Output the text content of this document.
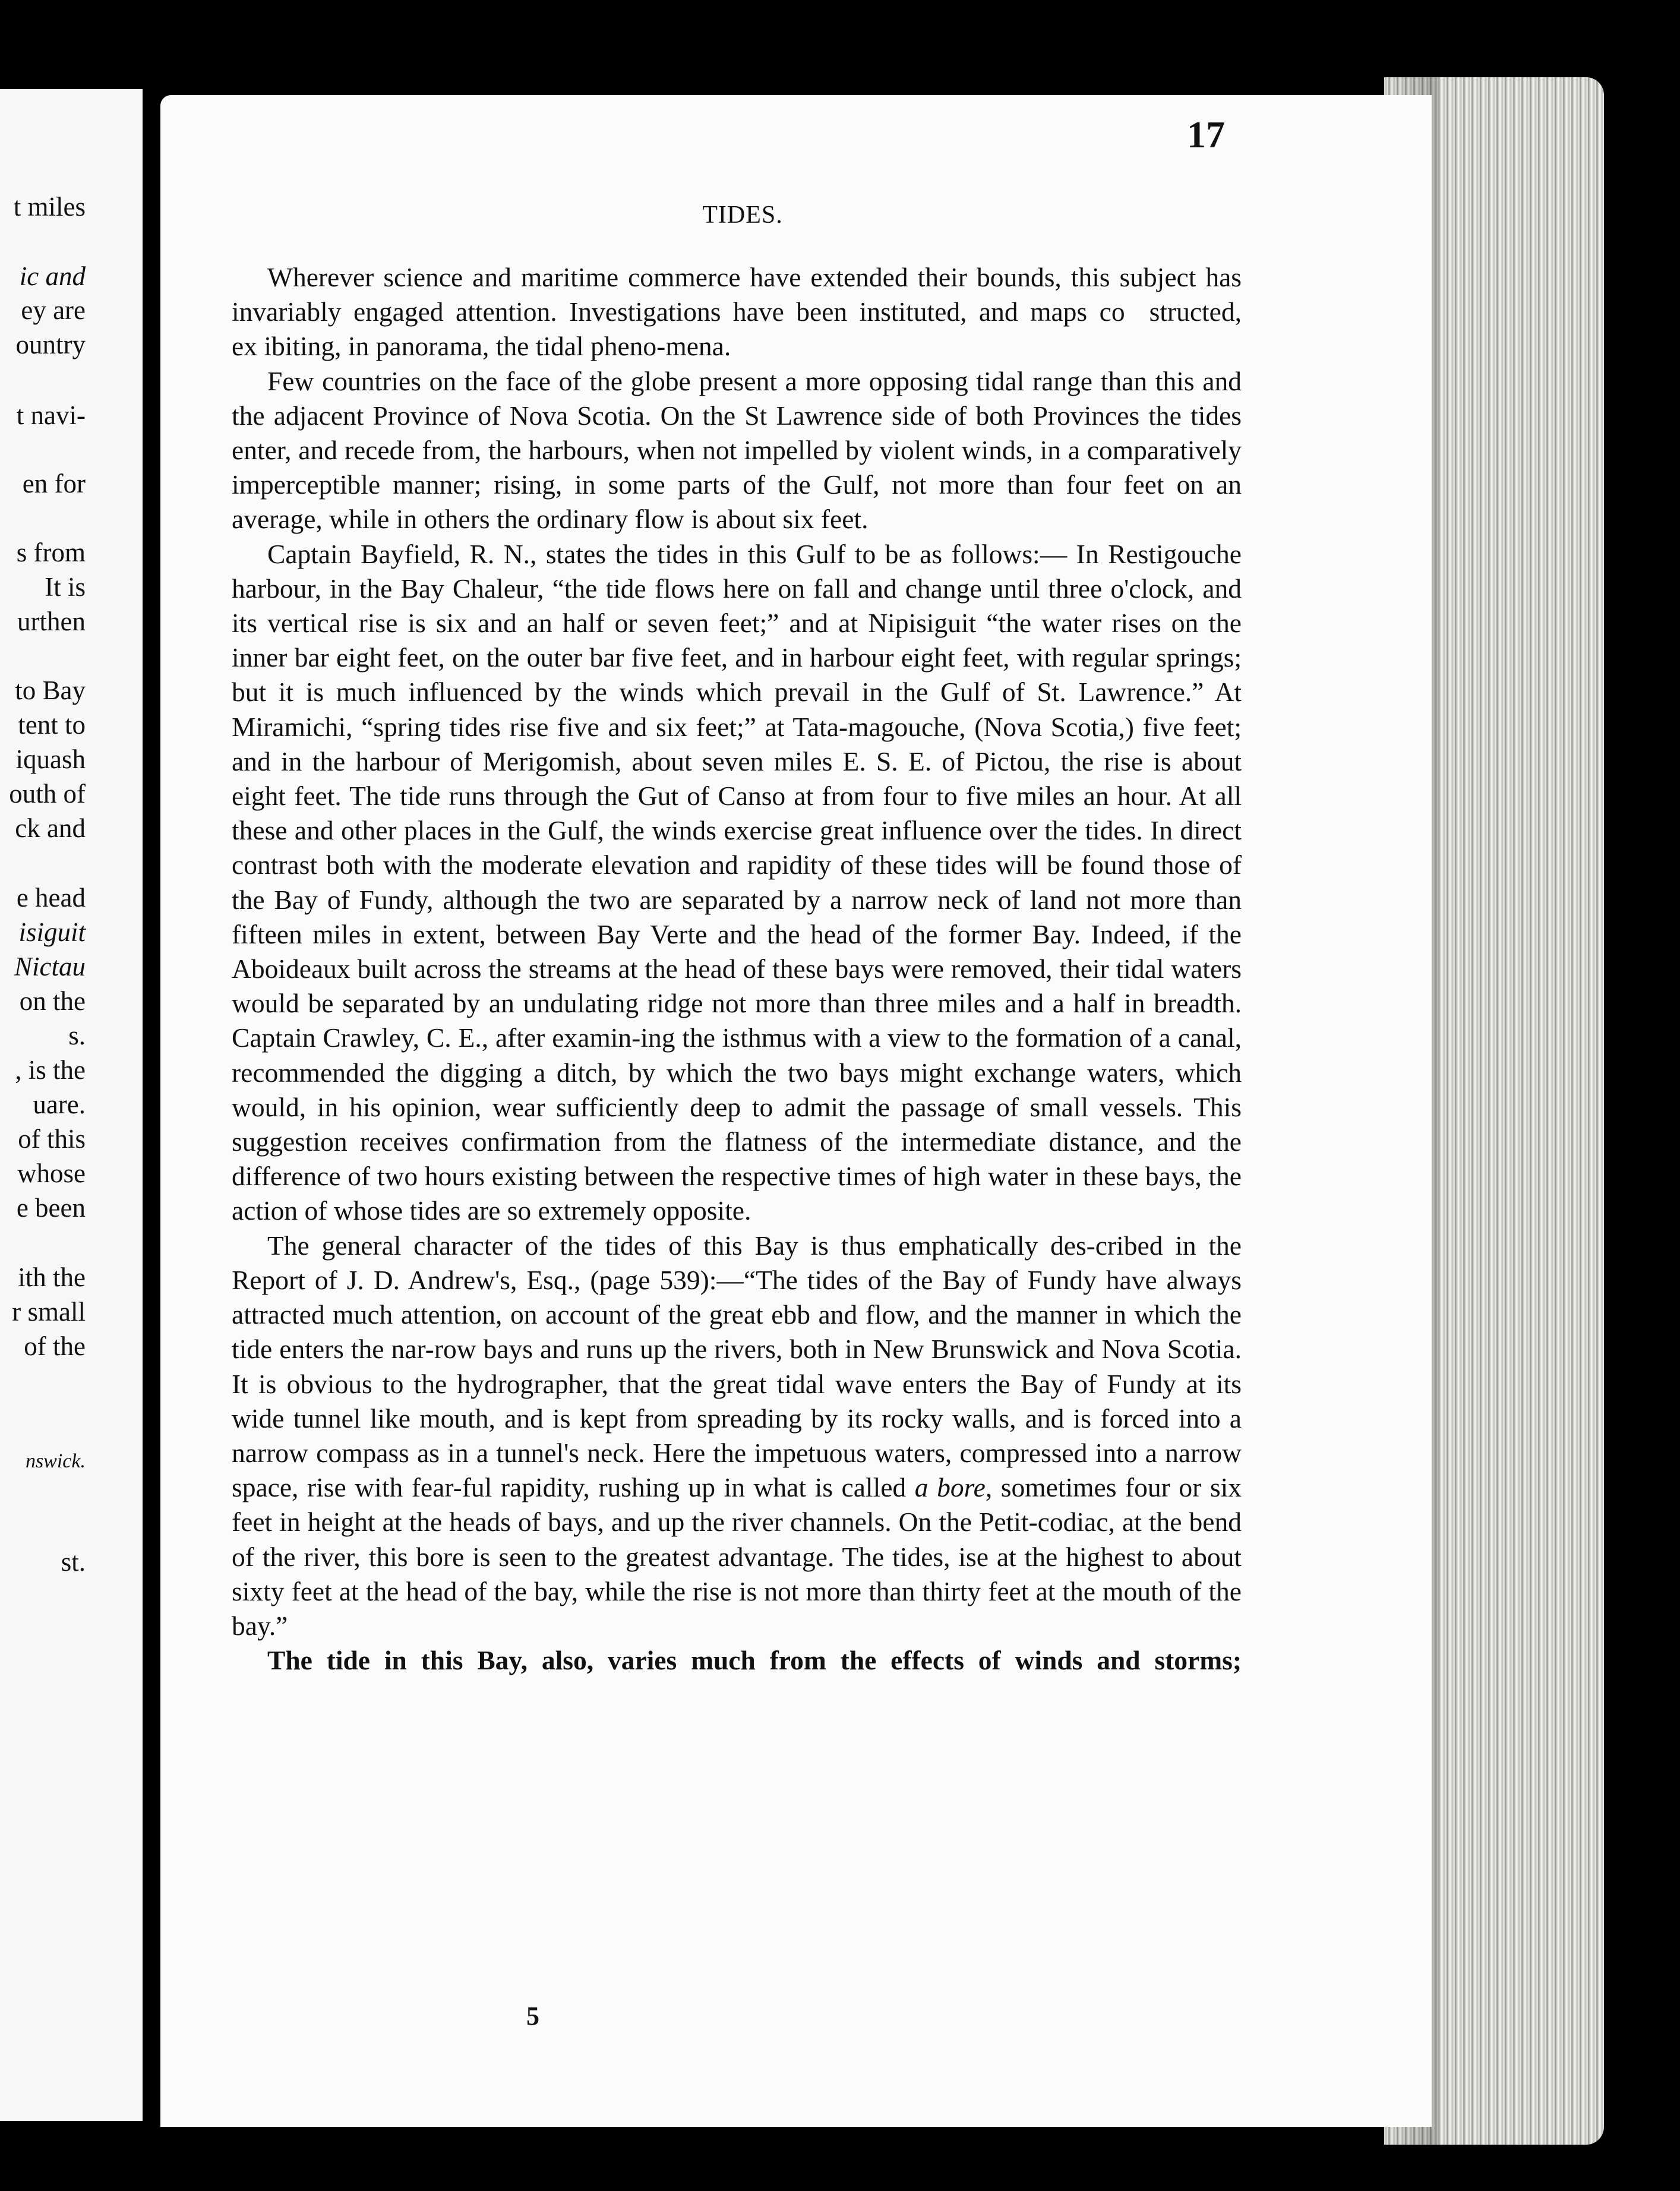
t miles
ic and
ey are
ountry
t navi-
en for
s from
It is
urthen
to Bay
tent to
iquash
outh of
ck and
e head
isiguit
Nictau
on the
s.
, is the
uare.
of this
whose
e been
ith the
r small
of the
nswick.
st.
17
TIDES.

Wherever science and maritime commerce have extended their bounds, this subject has invariably engaged attention. Investigations have been instituted, and maps co  structed, ex ibiting, in panorama, the tidal pheno-mena.

Few countries on the face of the globe present a more opposing tidal range than this and the adjacent Province of Nova Scotia. On the St Lawrence side of both Provinces the tides enter, and recede from, the harbours, when not impelled by violent winds, in a comparatively imperceptible manner; rising, in some parts of the Gulf, not more than four feet on an average, while in others the ordinary flow is about six feet.

Captain Bayfield, R. N., states the tides in this Gulf to be as follows:— In Restigouche harbour, in the Bay Chaleur, “the tide flows here on fall and change until three o'clock, and its vertical rise is six and an half or seven feet;” and at Nipisiguit “the water rises on the inner bar eight feet, on the outer bar five feet, and in harbour eight feet, with regular springs; but it is much influenced by the winds which prevail in the Gulf of St. Lawrence.” At Miramichi, “spring tides rise five and six feet;” at Tata-magouche, (Nova Scotia,) five feet; and in the harbour of Merigomish, about seven miles E. S. E. of Pictou, the rise is about eight feet. The tide runs through the Gut of Canso at from four to five miles an hour. At all these and other places in the Gulf, the winds exercise great influence over the tides. In direct contrast both with the moderate elevation and rapidity of these tides will be found those of the Bay of Fundy, although the two are separated by a narrow neck of land not more than fifteen miles in extent, between Bay Verte and the head of the former Bay. Indeed, if the Aboideaux built across the streams at the head of these bays were removed, their tidal waters would be separated by an undulating ridge not more than three miles and a half in breadth. Captain Crawley, C. E., after examin-ing the isthmus with a view to the formation of a canal, recommended the digging a ditch, by which the two bays might exchange waters, which would, in his opinion, wear sufficiently deep to admit the passage of small vessels. This suggestion receives confirmation from the flatness of the intermediate distance, and the difference of two hours existing between the respective times of high water in these bays, the action of whose tides are so extremely opposite.

The general character of the tides of this Bay is thus emphatically des-cribed in the Report of J. D. Andrew's, Esq., (page 539):—“The tides of the Bay of Fundy have always attracted much attention, on account of the great ebb and flow, and the manner in which the tide enters the nar-row bays and runs up the rivers, both in New Brunswick and Nova Scotia. It is obvious to the hydrographer, that the great tidal wave enters the Bay of Fundy at its wide tunnel like mouth, and is kept from spreading by its rocky walls, and is forced into a narrow compass as in a tunnel's neck. Here the impetuous waters, compressed into a narrow space, rise with fear-ful rapidity, rushing up in what is called a bore, sometimes four or six feet in height at the heads of bays, and up the river channels. On the Petit-codiac, at the bend of the river, this bore is seen to the greatest advantage. The tides, ise at the highest to about sixty feet at the head of the bay, while the rise is not more than thirty feet at the mouth of the bay.”

The tide in this Bay, also, varies much from the effects of winds and storms;

5
